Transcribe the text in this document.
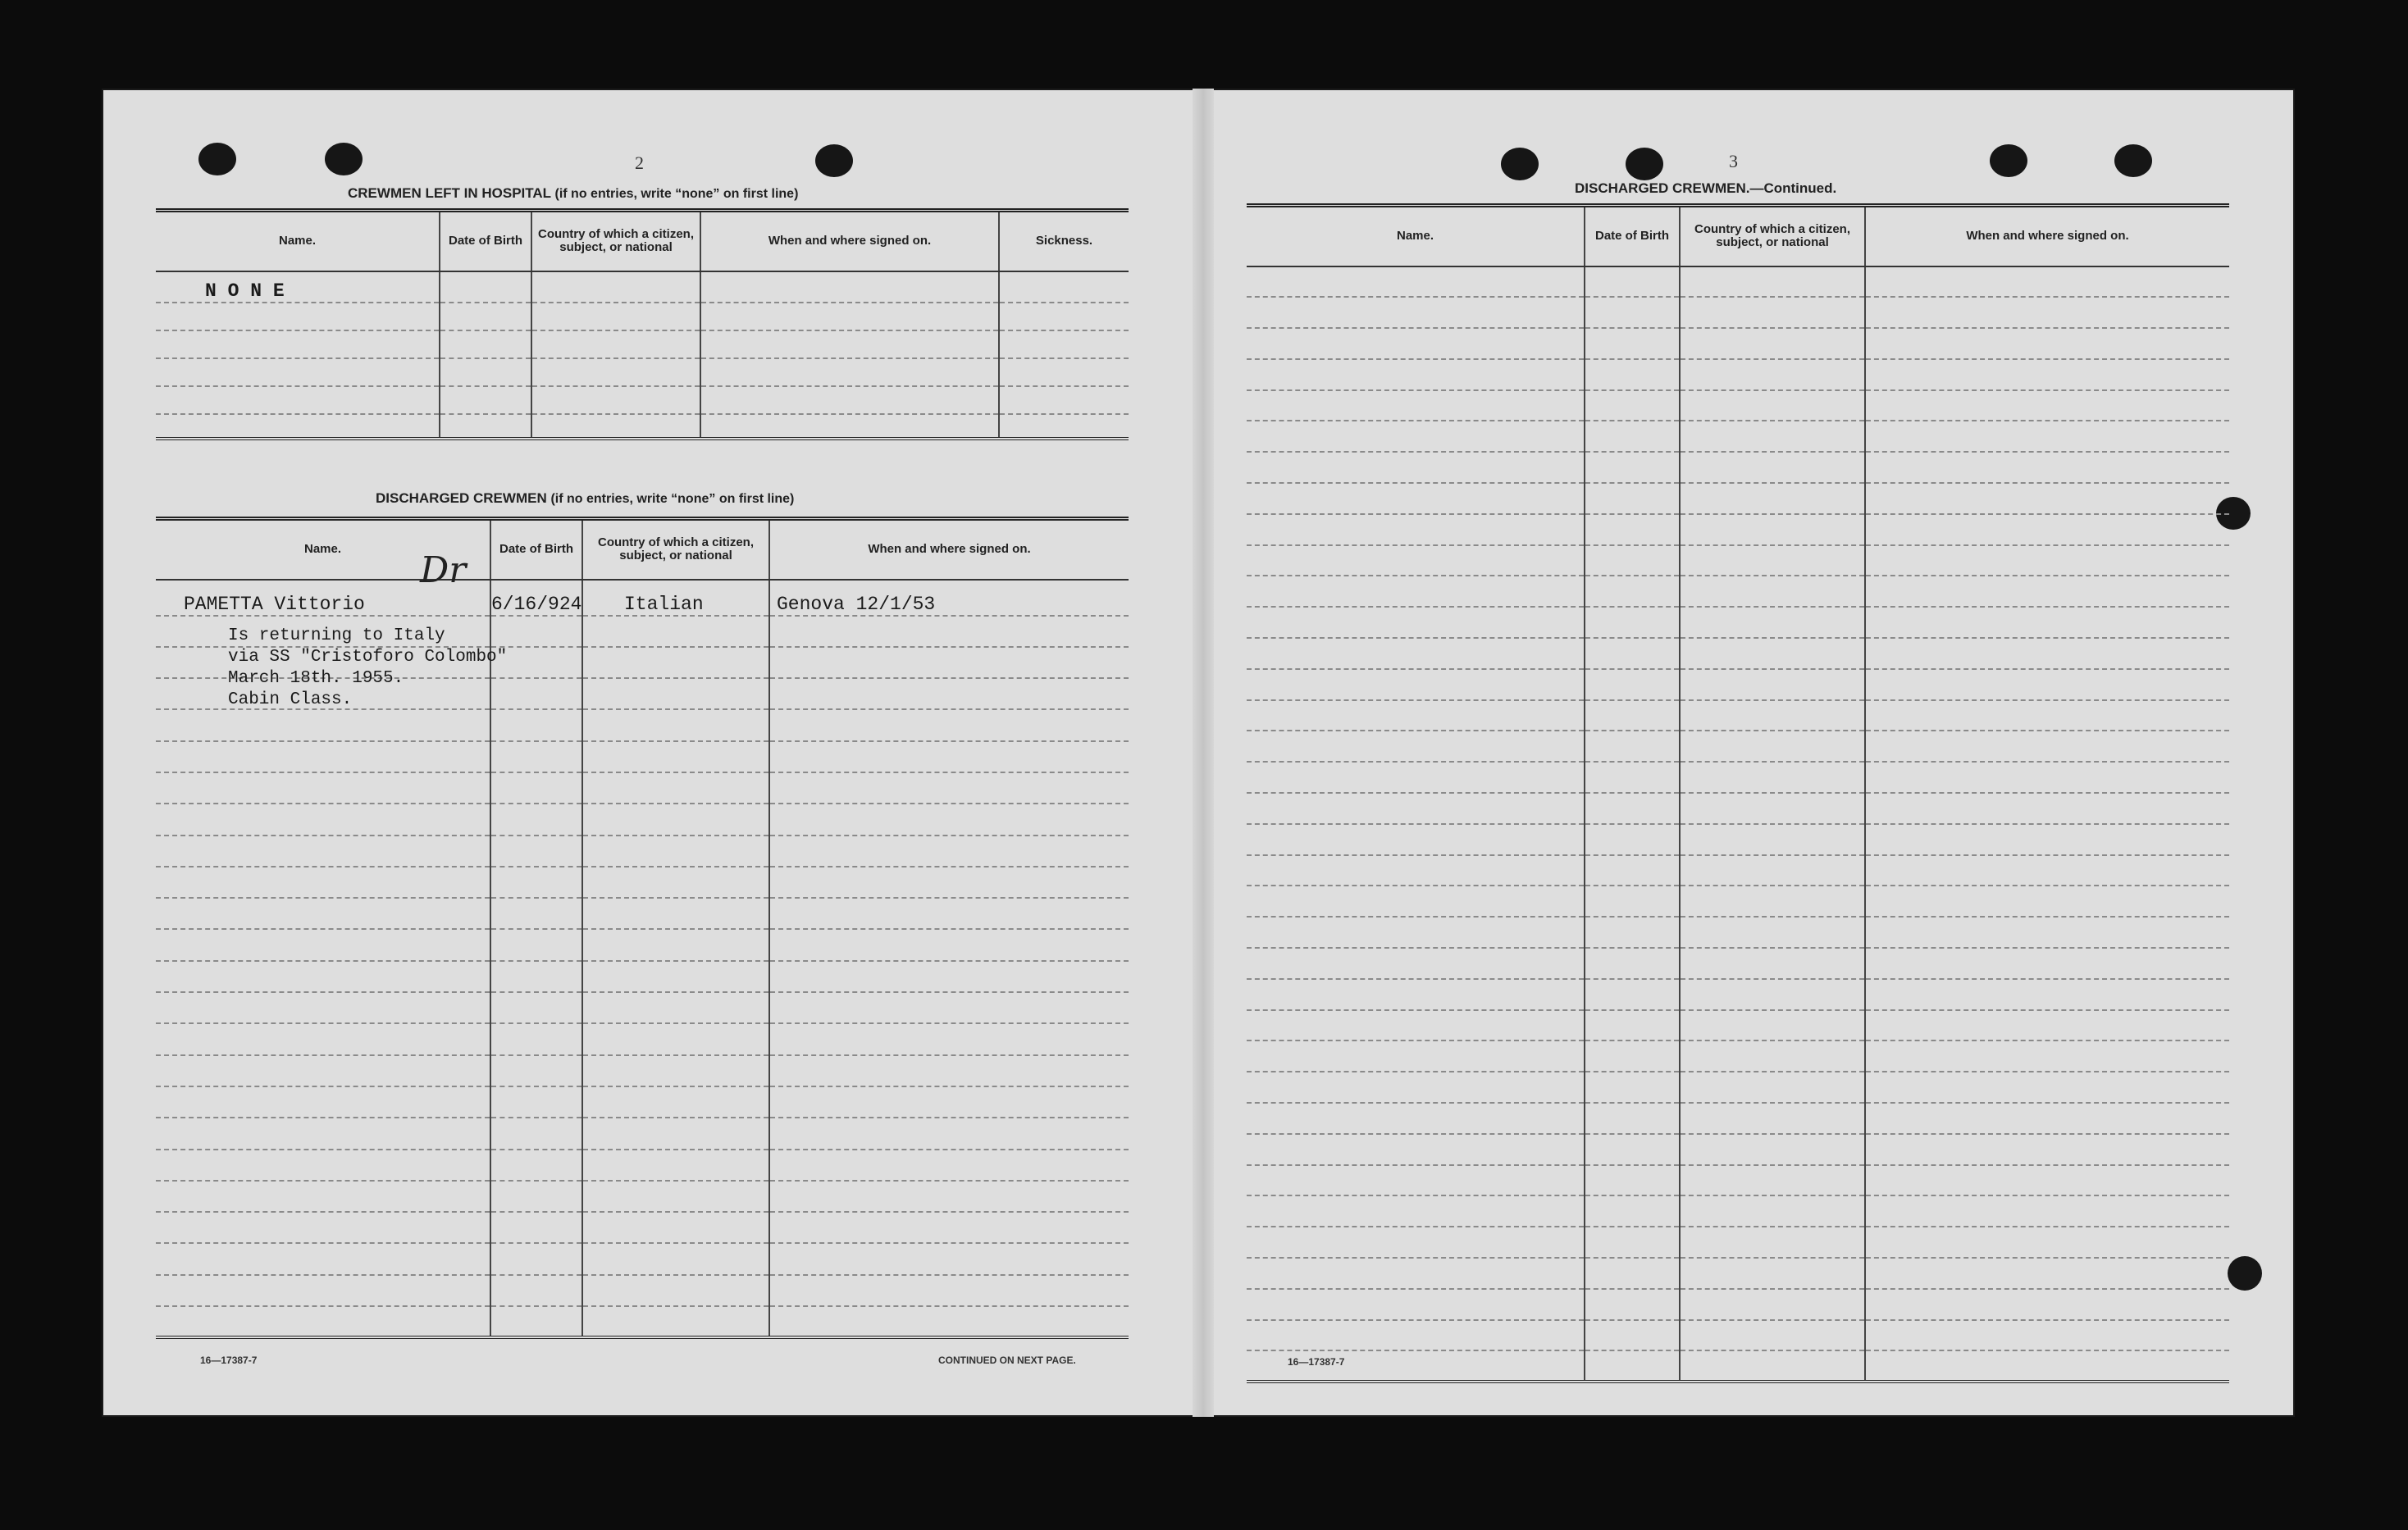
2
CREWMEN LEFT IN HOSPITAL (if no entries, write “none” on first line)
Name.	Date of Birth	Country of which a citizen, subject, or national	When and where signed on.	Sickness.
N O N E				

DISCHARGED CREWMEN (if no entries, write “none” on first line)
Name.	Date of Birth	Country of which a citizen, subject, or national	When and where signed on.
PAMETTA Vittorio	6/16/924	Italian	Genova 12/1/53

Dr
Is returning to Italy
via SS "Cristoforo Colombo"
March 18th. 1955.
Cabin Class.
16—17387-7	CONTINUED ON NEXT PAGE.
3
DISCHARGED CREWMEN.—Continued.
Name.	Date of Birth	Country of which a citizen, subject, or national	When and where signed on.

16—17387-7
